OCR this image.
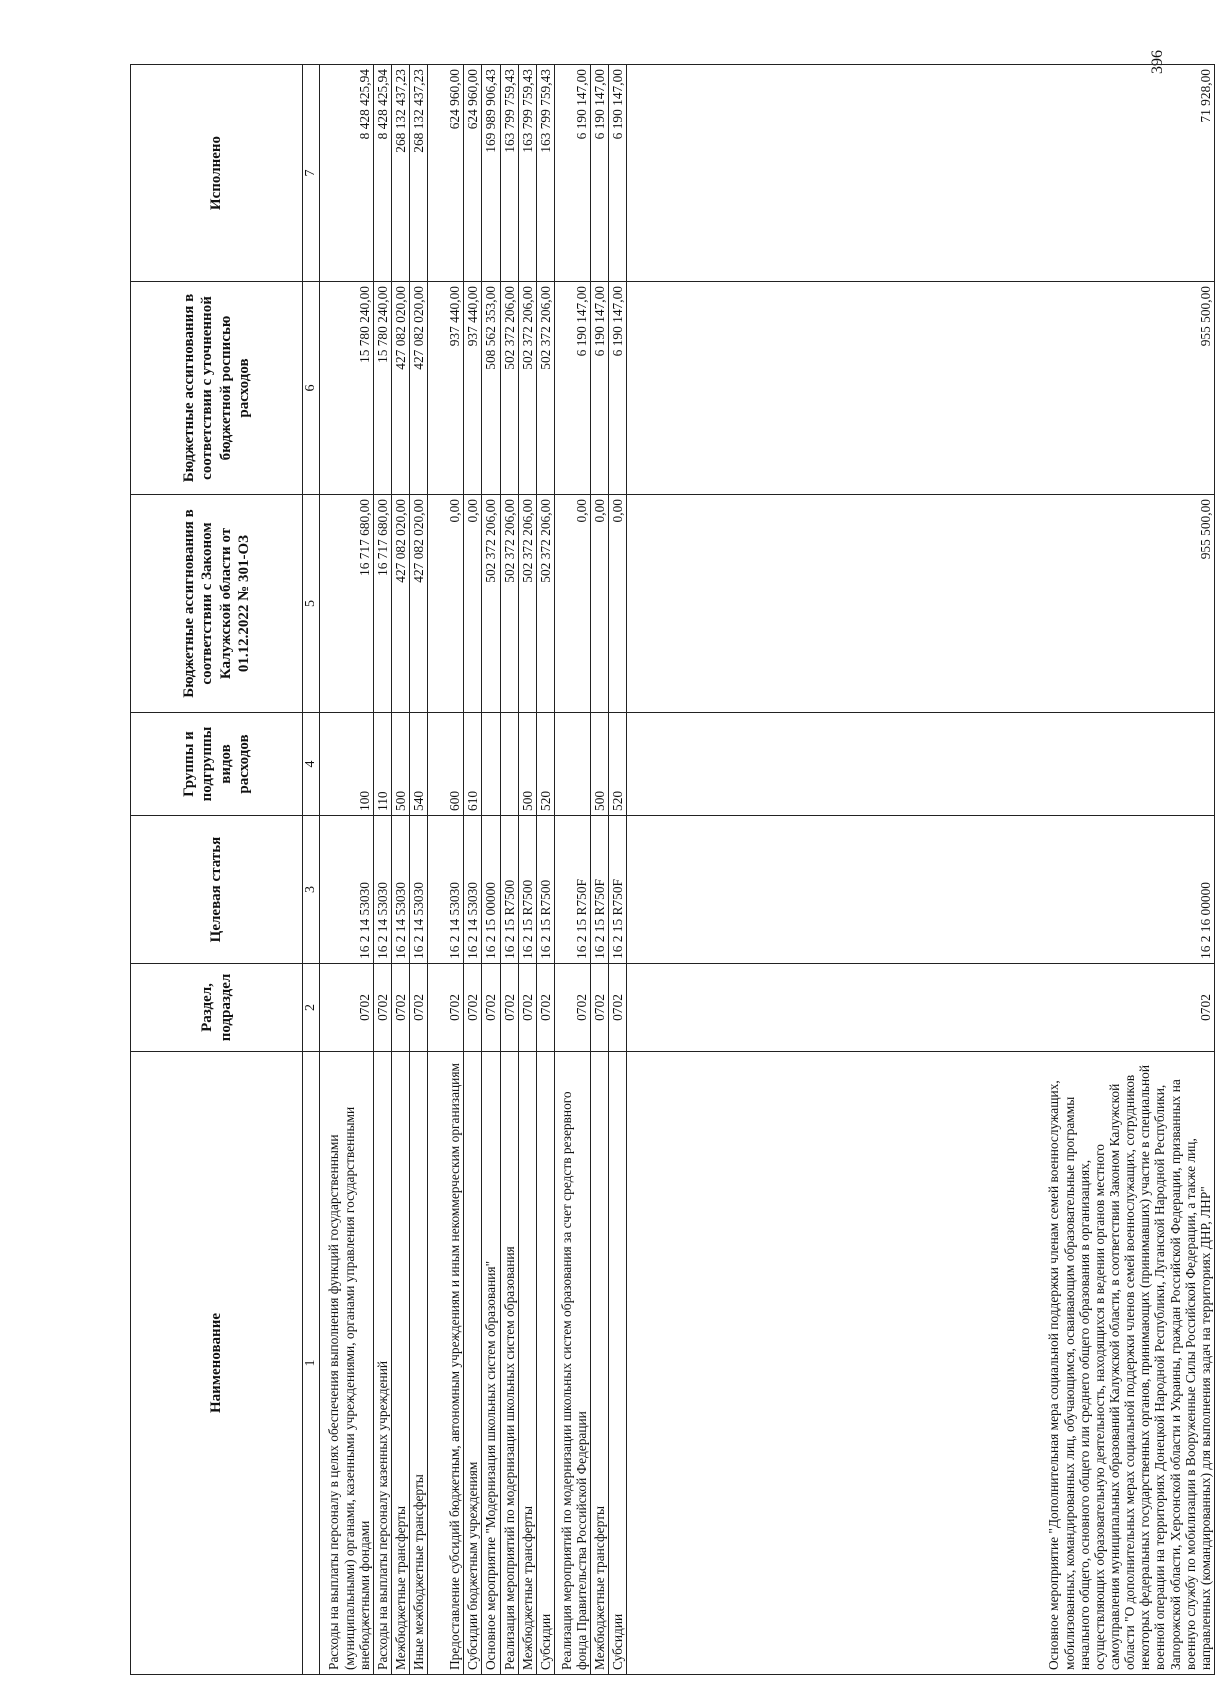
396
Наименование	Раздел, подраздел	Целевая статья	Группы и подгруппы видов расходов	Бюджетные ассигнования в соответствии с Законом Калужской области от 01.12.2022 № 301-ОЗ	Бюджетные ассигнования в соответствии с уточненной бюджетной росписью расходов	Исполнено
1	2	3	4	5	6	7
Расходы на выплаты персоналу в целях обеспечения выполнения функций государственными (муниципальными) органами, казенными учреждениями, органами управления государственными внебюджетными фондами	0702	16 2 14 53030	100	16 717 680,00	15 780 240,00	8 428 425,94
Расходы на выплаты персоналу казенных учреждений	0702	16 2 14 53030	110	16 717 680,00	15 780 240,00	8 428 425,94
Межбюджетные трансферты	0702	16 2 14 53030	500	427 082 020,00	427 082 020,00	268 132 437,23
Иные межбюджетные трансферты	0702	16 2 14 53030	540	427 082 020,00	427 082 020,00	268 132 437,23
Предоставление субсидий бюджетным, автономным учреждениям и иным некоммерческим организациям	0702	16 2 14 53030	600	0,00	937 440,00	624 960,00
Субсидии бюджетным учреждениям	0702	16 2 14 53030	610	0,00	937 440,00	624 960,00
Основное мероприятие "Модернизация школьных систем образования"	0702	16 2 15 00000		502 372 206,00	508 562 353,00	169 989 906,43
Реализация мероприятий по модернизации школьных систем образования	0702	16 2 15 R7500		502 372 206,00	502 372 206,00	163 799 759,43
Межбюджетные трансферты	0702	16 2 15 R7500	500	502 372 206,00	502 372 206,00	163 799 759,43
Субсидии	0702	16 2 15 R7500	520	502 372 206,00	502 372 206,00	163 799 759,43
Реализация мероприятий по модернизации школьных систем образования за счет средств резервного фонда Правительства Российской Федерации	0702	16 2 15 R750F		0,00	6 190 147,00	6 190 147,00
Межбюджетные трансферты	0702	16 2 15 R750F	500	0,00	6 190 147,00	6 190 147,00
Субсидии	0702	16 2 15 R750F	520	0,00	6 190 147,00	6 190 147,00
Основное мероприятие "Дополнительная мера социальной поддержки членам семей военнослужащих, мобилизованных, командированных лиц, обучающимся, осваивающим образовательные программы начального общего, основного общего или среднего общего образования в организациях, осуществляющих образовательную деятельность, находящихся в ведении органов местного самоуправления муниципальных образований Калужской области, в соответствии Законом Калужской области "О дополнительных мерах социальной поддержки членов семей военнослужащих, сотрудников некоторых федеральных государственных органов, принимающих (принимавших) участие в специальной военной операции на территориях Донецкой Народной Республики, Луганской Народной Республики, Запорожской области, Херсонской области и Украины, граждан Российской Федерации, призванных на военную службу по мобилизации в Вооруженные Силы Российской Федерации, а также лиц, направленных (командированных) для выполнения задач на территориях ДНР, ЛНР"	0702	16 2 16 00000		955 500,00	955 500,00	71 928,00
